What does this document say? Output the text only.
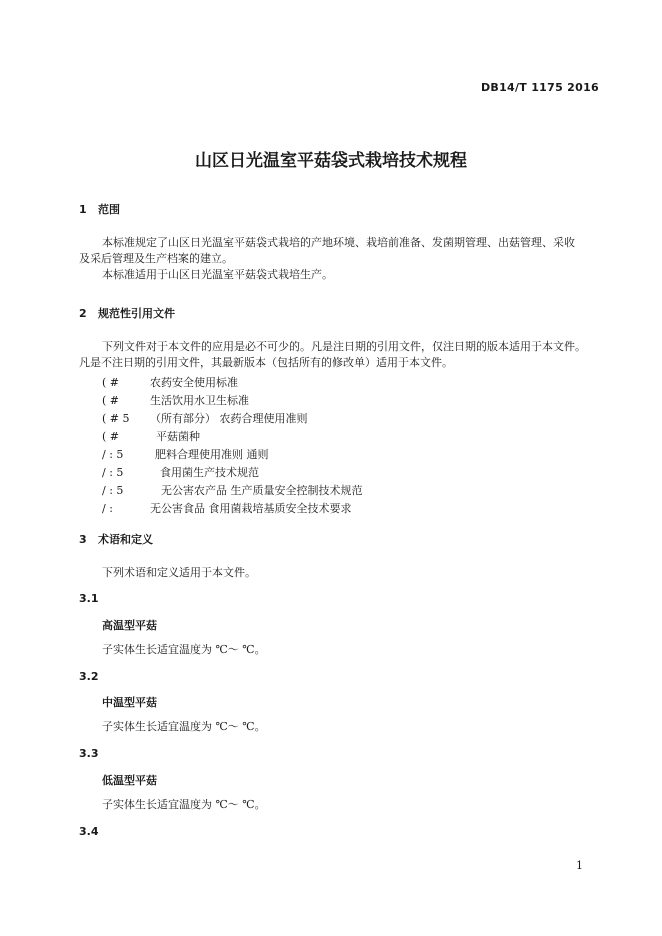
DB14/T 1175 2016
山区日光温室平菇袋式栽培技术规程
1 范围
本标准规定了山区日光温室平菇袋式栽培的产地环境、栽培前准备、发菌期管理、出菇管理、采收
及采后管理及生产档案的建立。
本标准适用于山区日光温室平菇袋式栽培生产。
2 规范性引用文件
下列文件对于本文件的应用是必不可少的。凡是注日期的引用文件，仅注日期的版本适用于本文件。
凡是不注日期的引用文件，其最新版本（包括所有的修改单）适用于本文件。
( #	农药安全使用标准
( #	生活饮用水卫生标准
( # 5 （所有部分） 农药合理使用准则
( #	平菇菌种
/ : 5	肥料合理使用准则 通则
/ : 5	食用菌生产技术规范
/ : 5	无公害农产品 生产质量安全控制技术规范
/ :	无公害食品 食用菌栽培基质安全技术要求
3 术语和定义
下列术语和定义适用于本文件。
3.1
高温型平菇
子实体生长适宜温度为 ℃～ ℃。
3.2
中温型平菇
子实体生长适宜温度为 ℃～ ℃。
3.3
低温型平菇
子实体生长适宜温度为 ℃～ ℃。
3.4
1
